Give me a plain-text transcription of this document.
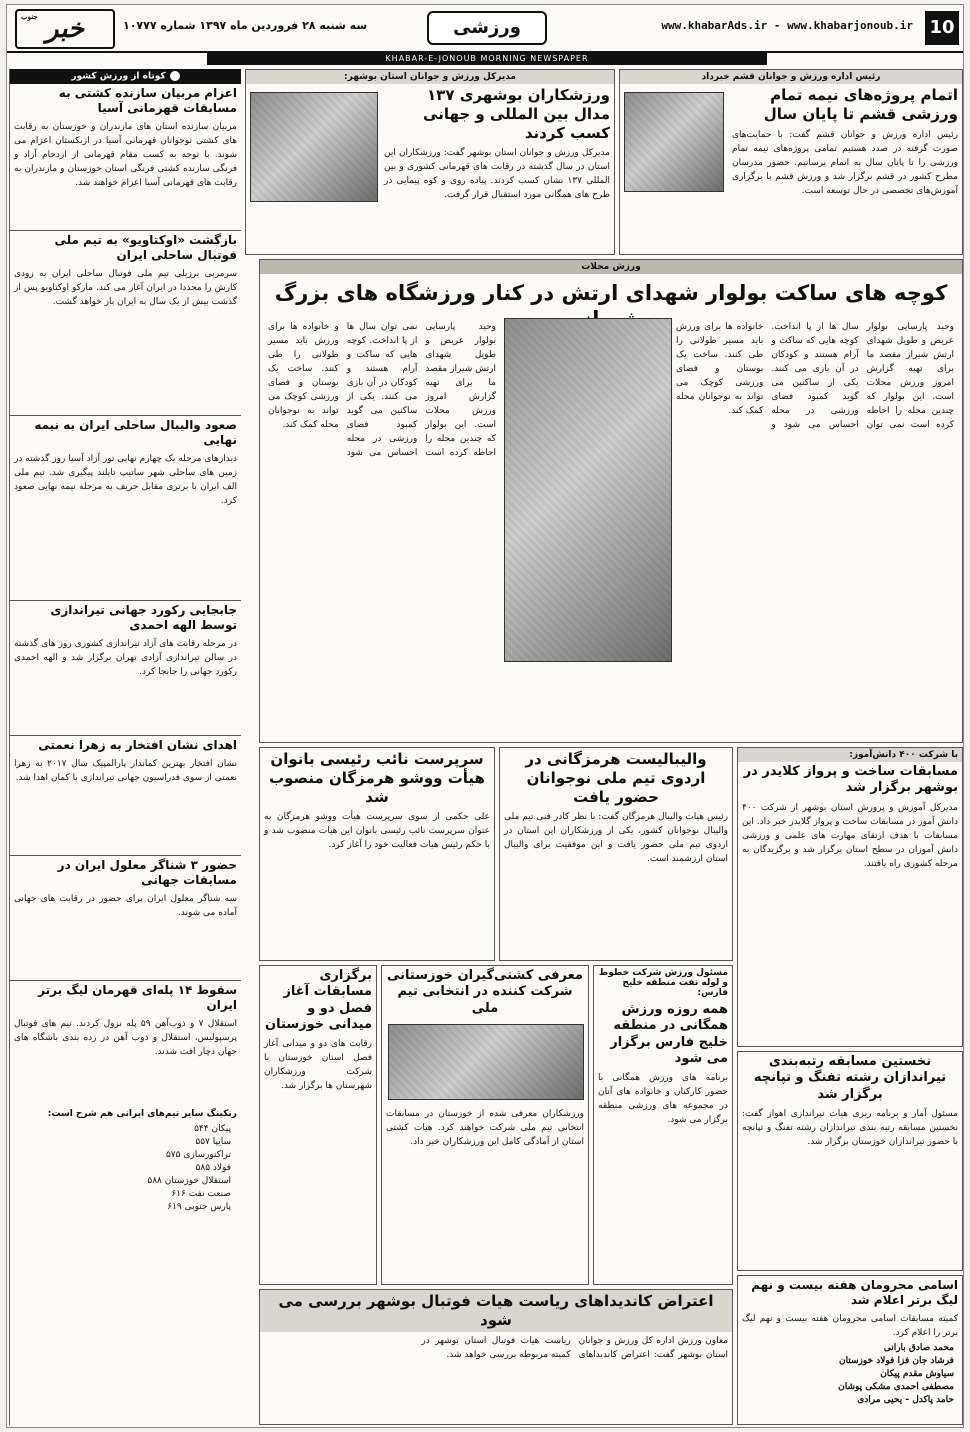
10
www.khabarAds.ir - www.khabarjonoub.ir
ورزشی
سه شنبه ۲۸ فروردین ماه ۱۳۹۷ شماره ۱۰۷۷۷
جنوب خبر
KHABAR-E-JONOUB MORNING NEWSPAPER
کوتاه از ورزش کشور
اعزام مربیان سازنده کشتی به مسابقات قهرمانی آسیا
مربیان سازنده استان های مازندران و خوزستان به رقابت های کشتی نوجوانان قهرمانی آسیا در ازبکستان اعزام می شوند. با توجه به کسب مقام قهرمانی از ازدحام آزاد و فرنگی سازنده کشتی فرنگی استان خوزستان و مازندران به رقابت های قهرمانی آسیا اعزام خواهند شد.
بازگشت «اوکتاویو» به تیم ملی فوتبال ساحلی ایران
سرمربی برزیلی تیم ملی فوتبال ساحلی ایران به زودی کارش را مجددا در ایران آغاز می کند. مارکو اوکتاویو پس از گذشت بیش از یک سال به ایران باز خواهد گشت.
صعود والیبال ساحلی ایران به نیمه نهایی
دیدارهای مرحله یک چهارم نهایی تور آزاد آسیا روز گذشته در زمین های ساحلی شهر ساتیپ تایلند پیگیری شد. تیم ملی الف ایران با برتری مقابل حریف به مرحله نیمه نهایی صعود کرد.
جابجایی رکورد جهانی تیراندازی توسط الهه احمدی
در مرحله رقابت های آزاد تیراندازی کشوری روز های گذشته در سالن تیراندازی آزادی تهران برگزار شد و الهه احمدی رکورد جهانی را جابجا کرد.
اهدای نشان افتخار به زهرا نعمتی
نشان افتخار بهترین کماندار پارالمپیک سال ۲۰۱۷ به زهرا نعمتی از سوی فدراسیون جهانی تیراندازی با کمان اهدا شد.
حضور ۳ شناگر معلول ایران در مسابقات جهانی
سه شناگر معلول ایران برای حضور در رقابت های جهانی آماده می شوند.
سقوط ۱۴ پله‌ای قهرمان لیگ برتر ایران
استقلال ۷ و ذوب‌آهن ۵۹ پله نزول کردند. تیم های فوتبال پرسپولیس، استقلال و ذوب آهن در رده بندی باشگاه های جهان دچار افت شدند.
رنکینگ سایر تیم‌های ایرانی هم شرح است:
پیکان ۵۴۴
سایپا ۵۵۷
تراکتورسازی ۵۷۵
فولاد ۵۸۵
استقلال خوزستان ۵۸۸
صنعت نفت ۶۱۶
پارس جنوبی ۶۱۹
رئیس اداره ورزش و جوانان قشم خبرداد
اتمام پروژه‌های نیمه تمام ورزشی قشم تا پایان سال
رئیس اداره ورزش و جوانان قشم گفت: با حمایت‌های صورت گرفته در صدد هستیم تمامی پروژه‌های نیمه تمام ورزشی را تا پایان سال به اتمام برسانیم. حضور مدرسان مطرح کشور در قشم برگزار شد و ورزش قشم با برگزاری آموزش‌های تخصصی در حال توسعه است.
مدیرکل ورزش و جوانان استان بوشهر:
ورزشکاران بوشهری ۱۳۷ مدال بین المللی و جهانی کسب کردند
مدیرکل ورزش و جوانان استان بوشهر گفت: ورزشکاران این استان در سال گذشته در رقابت های قهرمانی کشوری و بین المللی ۱۳۷ نشان کسب کردند. پیاده روی و کوه پیمایی در طرح های همگانی مورد استقبال قرار گرفت.
ورزش محلات
کوچه های ساکت بولوار شهدای ارتش در کنار ورزشگاه های بزرگ
وحید پارسایی بولوار عریض و طویل شهدای ارتش شیراز مقصد ما برای تهیه گزارش امروز ورزش محلات است. این بولوار که چندین محله را احاطه کرده است نمی توان سال ها از پا انداخت. کوچه هایی که ساکت و آرام هستند و کودکان در آن بازی می کنند. یکی از ساکنین می گوید کمبود فضای ورزشی در محله احساس می شود و خانواده ها برای ورزش باید مسیر طولانی را طی کنند. ساخت یک بوستان و فضای ورزشی کوچک می تواند به نوجوانان محله کمک کند.
وحید پارسایی بولوار عریض و طویل شهدای ارتش شیراز مقصد ما برای تهیه گزارش امروز ورزش محلات است. این بولوار که چندین محله را احاطه کرده است نمی توان سال ها از پا انداخت. کوچه هایی که ساکت و آرام هستند و کودکان در آن بازی می کنند. یکی از ساکنین می گوید کمبود فضای ورزشی در محله احساس می شود و خانواده ها برای ورزش باید مسیر طولانی را طی کنند. ساخت یک بوستان و فضای ورزشی کوچک می تواند به نوجوانان محله کمک کند.
با شرکت ۴۰۰ دانش‌آموز:
مسابقات ساخت و پرواز کلایدر در بوشهر برگزار شد
مدیرکل آموزش و پرورش استان بوشهر از شرکت ۴۰۰ دانش آموز در مسابقات ساخت و پرواز گلایدر خبر داد. این مسابقات با هدف ارتقای مهارت های علمی و ورزشی دانش آموزان در سطح استان برگزار شد و برگزیدگان به مرحله کشوری راه یافتند.
والیبالیست هرمزگانی در اردوی تیم ملی نوجوانان حضور یافت
رئیس هیات والیبال هرمزگان گفت: با نظر کادر فنی تیم ملی والیبال نوجوانان کشور، یکی از ورزشکاران این استان در اردوی تیم ملی حضور یافت و این موفقیت برای والیبال استان ارزشمند است.
سرپرست نائب رئیسی بانوان هیأت ووشو هرمزگان منصوب شد
علی حکمی از سوی سرپرست هیأت ووشو هرمزگان به عنوان سرپرست نائب رئیسی بانوان این هیات منصوب شد و با حکم رئیس هیات فعالیت خود را آغاز کرد.
نخستین مسابقه رتبه‌بندی تیراندازان رشته تفنگ و تپانچه برگزار شد
مسئول آمار و برنامه ریزی هیات تیراندازی اهواز گفت: نخستین مسابقه رتبه بندی تیراندازان رشته تفنگ و تپانچه با حضور تیراندازان خوزستان برگزار شد.
اسامی محرومان هفته بیست و نهم لیگ برتر اعلام شد
کمیته مسابقات اسامی محرومان هفته بیست و نهم لیگ برتر را اعلام کرد.
محمد صادق بارانی
فرشاد جان فزا فولاد خوزستان
سیاوش مقدم پیکان
مصطفی احمدی مشکی پوشان
حامد پاکدل - یحیی مرادی
مسئول ورزش شرکت خطوط و لوله نفت منطقه خلیج فارس:
همه روزه ورزش همگانی در منطقه خلیج فارس برگزار می شود
برنامه های ورزش همگانی با حضور کارکنان و خانواده های آنان در مجموعه های ورزشی منطقه برگزار می شود.
معرفی کشتی‌گیران خوزستانی شرکت کننده در انتخابی تیم ملی
ورزشکاران معرفی شده از خوزستان در مسابقات انتخابی تیم ملی شرکت خواهند کرد. هیات کشتی استان از آمادگی کامل این ورزشکاران خبر داد.
برگزاری مسابقات آغاز فصل دو و میدانی خوزستان
رقابت های دو و میدانی آغاز فصل استان خوزستان با شرکت ورزشکاران شهرستان ها برگزار شد.
اعتراض کاندیداهای ریاست هیات فوتبال بوشهر بررسی می شود
معاون ورزش اداره کل ورزش و جوانان استان بوشهر گفت: اعتراض کاندیداهای ریاست هیات فوتبال استان بوشهر در کمیته مربوطه بررسی خواهد شد.
